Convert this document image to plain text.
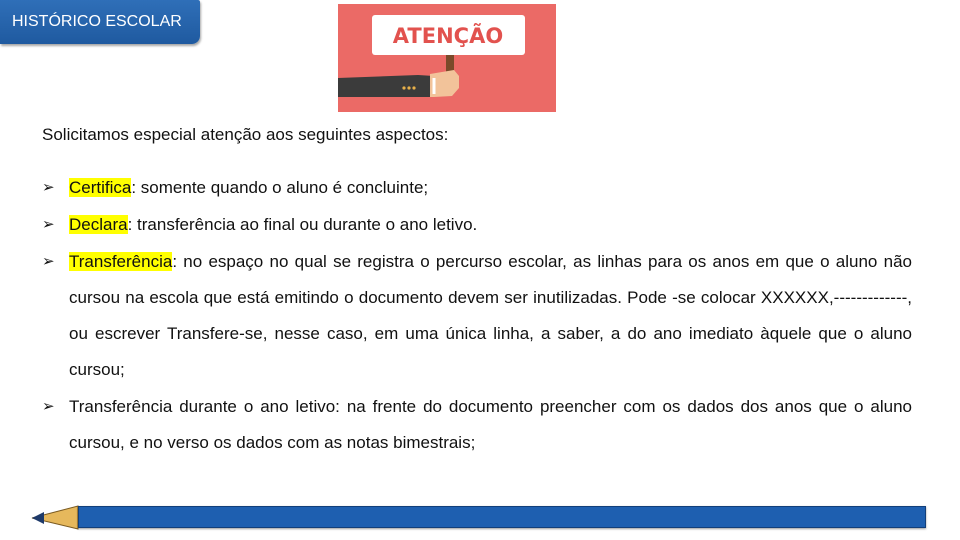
HISTÓRICO ESCOLAR
ATENÇÃO
Solicitamos especial atenção aos seguintes aspectos:
➢ Certifica: somente quando o aluno é concluinte;
➢ Declara: transferência ao final ou durante o ano letivo.
➢ Transferência: no espaço no qual se registra o percurso escolar, as linhas para os anos em que o aluno não cursou na escola que está emitindo o documento devem ser inutilizadas. Pode -se colocar XXXXXX,-------------, ou escrever Transfere-se, nesse caso, em uma única linha, a saber, a do ano imediato àquele que o aluno cursou;
➢ Transferência durante o ano letivo: na frente do documento preencher com os dados dos anos que o aluno cursou, e no verso os dados com as notas bimestrais;
